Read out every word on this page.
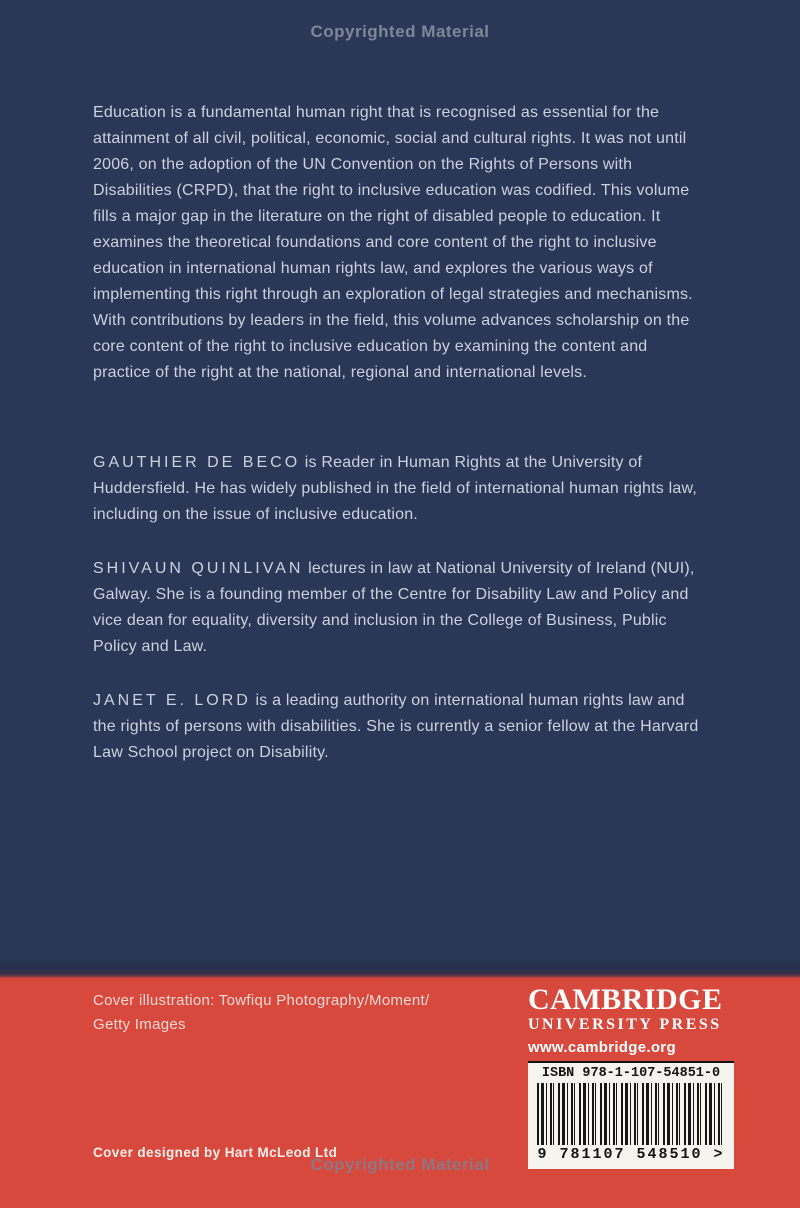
Copyrighted Material

Education is a fundamental human right that is recognised as essential for the attainment of all civil, political, economic, social and cultural rights. It was not until 2006, on the adoption of the UN Convention on the Rights of Persons with Disabilities (CRPD), that the right to inclusive education was codified. This volume fills a major gap in the literature on the right of disabled people to education. It examines the theoretical foundations and core content of the right to inclusive education in international human rights law, and explores the various ways of implementing this right through an exploration of legal strategies and mechanisms. With contributions by leaders in the field, this volume advances scholarship on the core content of the right to inclusive education by examining the content and practice of the right at the national, regional and international levels.

GAUTHIER DE BECO is Reader in Human Rights at the University of Huddersfield. He has widely published in the field of international human rights law, including on the issue of inclusive education.

SHIVAUN QUINLIVAN lectures in law at National University of Ireland (NUI), Galway. She is a founding member of the Centre for Disability Law and Policy and vice dean for equality, diversity and inclusion in the College of Business, Public Policy and Law.

JANET E. LORD is a leading authority on international human rights law and the rights of persons with disabilities. She is currently a senior fellow at the Harvard Law School project on Disability.

Cover illustration: Towfiqu Photography/Moment/
Getty Images
CAMBRIDGE
UNIVERSITY PRESS
www.cambridge.org
ISBN 978-1-107-54851-0
9 781107 548510 >
Cover designed by Hart McLeod Ltd
Copyrighted Material
